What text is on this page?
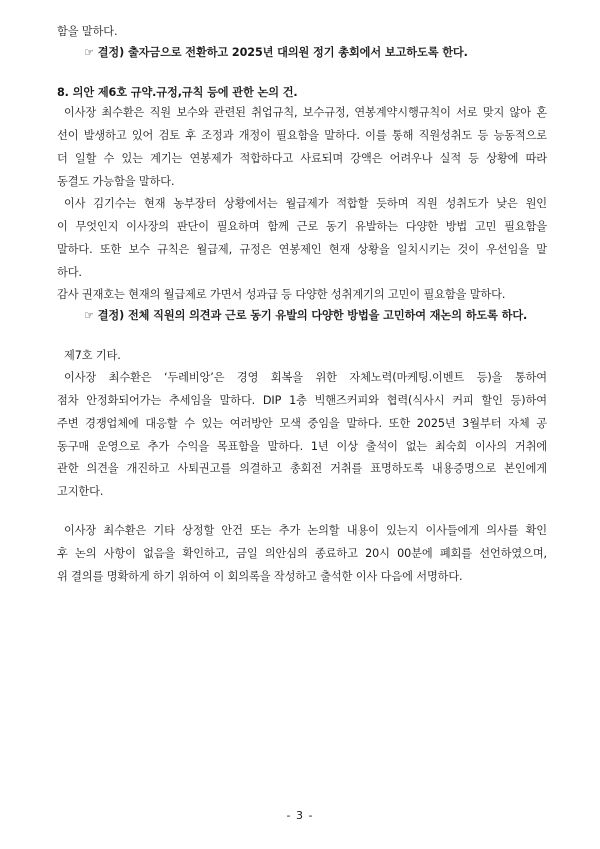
함을 말하다.
☞ 결정) 출자금으로 전환하고 2025년 대의원 정기 총회에서 보고하도록 한다.
8. 의안 제6호 규약.규정,규칙 등에 관한 논의 건.
이사장 최수환은 직원 보수와 관련된 취업규칙, 보수규정, 연봉계약시행규칙이 서로 맞지 않아 혼
선이 발생하고 있어 검토 후 조정과 개정이 필요함을 말하다. 이를 통해 직원성취도 등 능동적으로
더 일할 수 있는 계기는 연봉제가 적합하다고 사료되며 강액은 어려우나 실적 등 상황에 따라
동결도 가능함을 말하다.
이사 김기수는 현재 농부장터 상황에서는 월급제가 적합할 듯하며 직원 성취도가 낮은 원인
이 무엇인지 이사장의 판단이 필요하며 함께 근로 동기 유발하는 다양한 방법 고민 필요함을
말하다. 또한 보수 규칙은 월급제, 규정은 연봉제인 현재 상황을 일치시키는 것이 우선임을 말
하다.
감사 권재호는 현재의 월급제로 가면서 성과급 등 다양한 성취계기의 고민이 필요함을 말하다.
☞ 결정) 전체 직원의 의견과 근로 동기 유발의 다양한 방법을 고민하여 재논의 하도록 하다.
제7호 기타.
이사장 최수환은 ‘두레비앙’은 경영 회복을 위한 자체노력(마케팅.이벤트 등)을 통하여
점차 안정화되어가는 추세임을 말하다. DIP 1층 빅핸즈커피와 협력(식사시 커피 할인 등)하여
주변 경쟁업체에 대응할 수 있는 여러방안 모색 중임을 말하다. 또한 2025년 3월부터 자체 공
동구매 운영으로 추가 수익을 목표함을 말하다. 1년 이상 출석이 없는 최숙희 이사의 거취에
관한 의견을 개진하고 사퇴권고를 의결하고 총회전 거취를 표명하도록 내용증명으로 본인에게
고지한다.
이사장 최수환은 기타 상정할 안건 또는 추가 논의할 내용이 있는지 이사들에게 의사를 확인
후 논의 사항이 없음을 확인하고, 금일 의안심의 종료하고 20시 00분에 폐회를 선언하였으며,
위 결의를 명확하게 하기 위하여 이 회의록을 작성하고 출석한 이사 다음에 서명하다.
- 3 -
